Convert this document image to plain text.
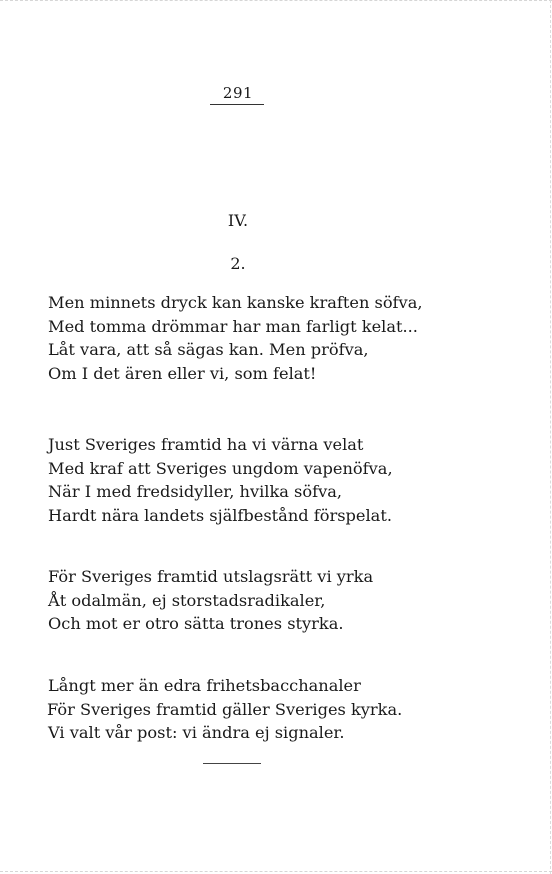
291
IV.
2.
Men minnets dryck kan kanske kraften söfva,
Med tomma drömmar har man farligt kelat...
Låt vara, att så sägas kan. Men pröfva,
Om I det ären eller vi, som felat!
Just Sveriges framtid ha vi värna velat
Med kraf att Sveriges ungdom vapenöfva,
När I med fredsidyller, hvilka söfva,
Hardt nära landets själfbestånd förspelat.
För Sveriges framtid utslagsrätt vi yrka
Åt odalmän, ej storstadsradikaler,
Och mot er otro sätta trones styrka.
Långt mer än edra frihetsbacchanaler
För Sveriges framtid gäller Sveriges kyrka.
Vi valt vår post: vi ändra ej signaler.
